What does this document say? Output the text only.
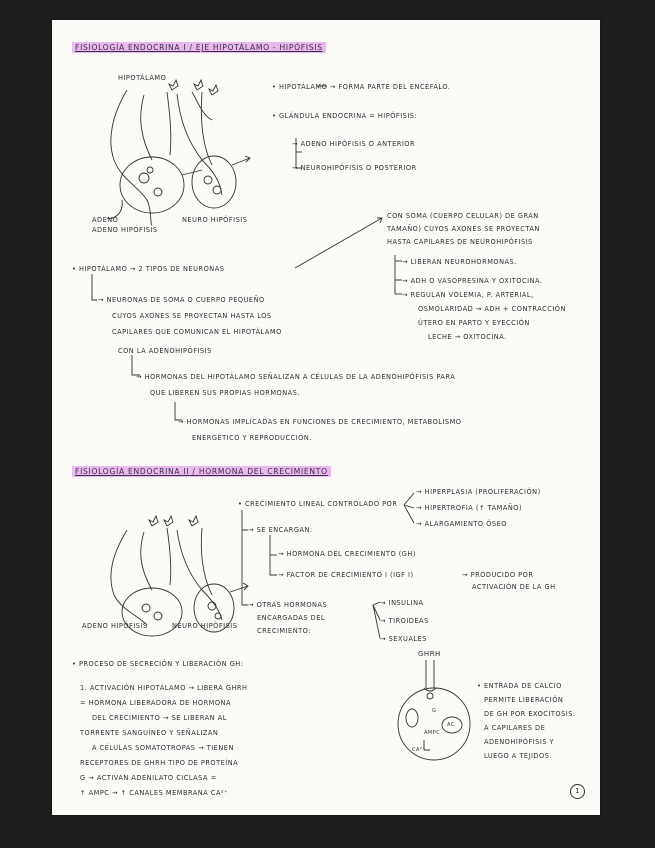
FISIOLOGÍA ENDOCRINA I / EJE HIPOTÁLAMO - HIPÓFISIS
HIPOTÁLAMO
ADENO
ADENO HIPÓFISIS
NEURO HIPÓFISIS
• HIPOTÁLAMO → FORMA PARTE DEL ENCÉFALO.
• GLÁNDULA ENDOCRINA = HIPÓFISIS:
→ ADENO HIPÓFISIS O ANTERIOR
→ NEUROHIPÓFISIS O POSTERIOR
CON SOMA (CUERPO CELULAR) DE GRAN
TAMAÑO) CUYOS AXONES SE PROYECTAN
HASTA CAPILARES DE NEUROHIPÓFISIS
• HIPOTÁLAMO → 2 TIPOS DE NEURONAS
→ LIBERAN NEUROHORMONAS.
→ ADH O VASOPRESINA Y OXITOCINA.
→ REGULAN VOLEMIA, P. ARTERIAL,
OSMOLARIDAD → ADH + CONTRACCIÓN
ÚTERO EN PARTO Y EYECCIÓN
LECHE → OXITOCINA.
→ NEURONAS DE SOMA O CUERPO PEQUEÑO
CUYOS AXONES SE PROYECTAN HASTA LOS
CAPILARES QUE COMUNICAN EL HIPOTÁLAMO
CON LA ADENOHIPÓFISIS
→ HORMONAS DEL HIPOTÁLAMO SEÑALIZAN A CÉLULAS DE LA ADENOHIPÓFISIS PARA
QUE LIBEREN SUS PROPIAS HORMONAS.
→ HORMONAS IMPLICADAS EN FUNCIONES DE CRECIMIENTO, METABOLISMO
ENERGÉTICO Y REPRODUCCIÓN.
FISIOLOGÍA ENDOCRINA II / HORMONA DEL CRECIMIENTO
ADENO HIPÓFISIS	NEURO HIPÓFISIS
• CRECIMIENTO LINEAL CONTROLADO POR
→ HIPERPLASIA (PROLIFERACIÓN)
→ HIPERTROFIA (↑ TAMAÑO)
→ ALARGAMIENTO ÓSEO
→ SE ENCARGAN:
→ HORMONA DEL CRECIMIENTO (GH)
→ FACTOR DE CRECIMIENTO I (IGF I)	→ PRODUCIDO POR
ACTIVACIÓN DE LA GH
→ OTRAS HORMONAS
ENCARGADAS DEL
CRECIMIENTO:
→ INSULINA
→ TIROIDEAS
→ SEXUALES
• PROCESO DE SECRECIÓN Y LIBERACIÓN GH:
1. ACTIVACIÓN HIPOTÁLAMO → LIBERA GHRH
= HORMONA LIBERADORA DE HORMONA
DEL CRECIMIENTO → SE LIBERAN AL
TORRENTE SANGUÍNEO Y SEÑALIZAN
A CÉLULAS SOMATOTROPAS → TIENEN
RECEPTORES DE GHRH TIPO DE PROTEÍNA
G → ACTIVAN ADENILATO CICLASA =
↑ AMPC → ↑ CANALES MEMBRANA CA²⁺
GHRH
CA²⁺
AMPC
AC
G
• ENTRADA DE CALCIO
PERMITE LIBERACIÓN
DE GH POR EXOCITOSIS.
A CAPILARES DE
ADENOHIPÓFISIS Y
LUEGO A TEJIDOS.
1
